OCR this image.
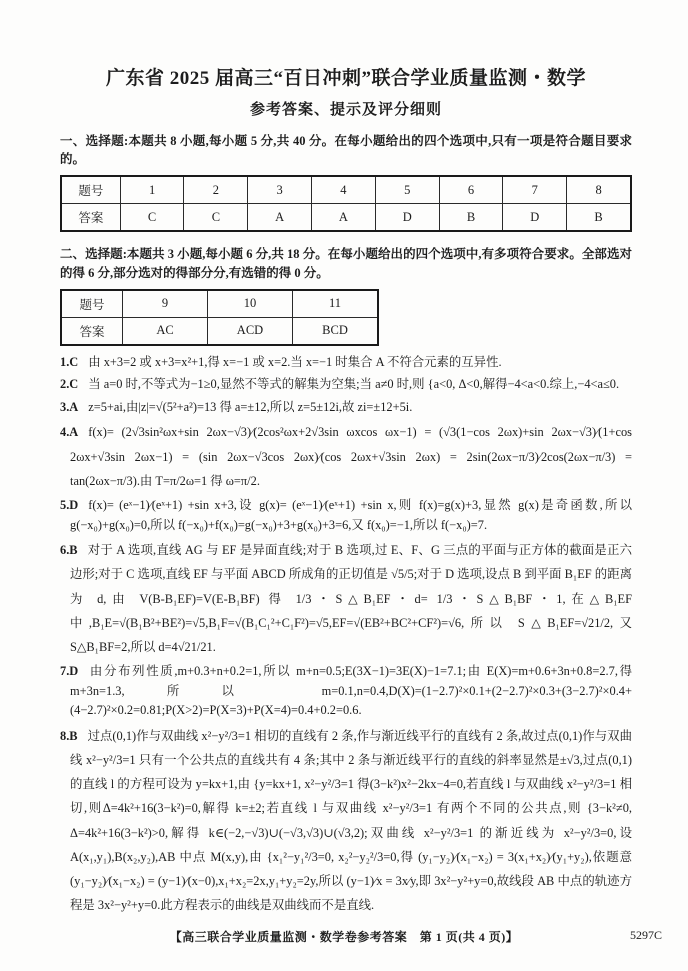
广东省 2025 届高三“百日冲刺”联合学业质量监测・数学
参考答案、提示及评分细则
一、选择题:本题共 8 小题,每小题 5 分,共 40 分。在每小题给出的四个选项中,只有一项是符合题目要求的。
题号	1	2	3	4	5	6	7	8
答案	C	C	A	A	D	B	D	B
二、选择题:本题共 3 小题,每小题 6 分,共 18 分。在每小题给出的四个选项中,有多项符合要求。全部选对的得 6 分,部分选对的得部分分,有选错的得 0 分。
题号	9	10	11
答案	AC	ACD	BCD
1.C 由 x+3=2 或 x+3=x²+1,得 x=−1 或 x=2.当 x=−1 时集合 A 不符合元素的互异性.
2.C 当 a=0 时,不等式为−1≥0,显然不等式的解集为空集;当 a≠0 时,则 {a<0, Δ<0,解得−4<a<0.综上,−4<a≤0.
3.A z=5+ai,由|z|=√(5²+a²)=13 得 a=±12,所以 z=5±12i,故 zi=±12+5i.
4.A f(x)= (2√3sin²ωx+sin 2ωx−√3)∕(2cos²ωx+2√3sin ωxcos ωx−1) = (√3(1−cos 2ωx)+sin 2ωx−√3)∕(1+cos 2ωx+√3sin 2ωx−1) = (sin 2ωx−√3cos 2ωx)∕(cos 2ωx+√3sin 2ωx) = 2sin(2ωx−π/3)∕2cos(2ωx−π/3) = tan(2ωx−π/3).由 T=π/2ω=1 得 ω=π/2.
5.D f(x)= (eˣ−1)∕(eˣ+1) +sin x+3,设 g(x)= (eˣ−1)∕(eˣ+1) +sin x,则 f(x)=g(x)+3,显然 g(x)是奇函数,所以 g(−x₀)+g(x₀)=0,所以 f(−x₀)+f(x₀)=g(−x₀)+3+g(x₀)+3=6,又 f(x₀)=−1,所以 f(−x₀)=7.
6.B 对于 A 选项,直线 AG 与 EF 是异面直线;对于 B 选项,过 E、F、G 三点的平面与正方体的截面是正六边形;对于 C 选项,直线 EF 与平面 ABCD 所成角的正切值是 √5/5;对于 D 选项,设点 B 到平面 B₁EF 的距离为 d,由 V(B-B₁EF)=V(E-B₁BF) 得 1/3・S△B₁EF・d= 1/3・S△B₁BF・1,在△B₁EF 中,B₁E=√(B₁B²+BE²)=√5,B₁F=√(B₁C₁²+C₁F²)=√5,EF=√(EB²+BC²+CF²)=√6,所以 S△B₁EF=√21/2,又 S△B₁BF=2,所以 d=4√21/21.
7.D 由分布列性质,m+0.3+n+0.2=1,所以 m+n=0.5;E(3X−1)=3E(X)−1=7.1;由 E(X)=m+0.6+3n+0.8=2.7,得 m+3n=1.3,所以 m=0.1,n=0.4,D(X)=(1−2.7)²×0.1+(2−2.7)²×0.3+(3−2.7)²×0.4+(4−2.7)²×0.2=0.81;P(X>2)=P(X=3)+P(X=4)=0.4+0.2=0.6.
8.B 过点(0,1)作与双曲线 x²−y²/3=1 相切的直线有 2 条,作与渐近线平行的直线有 2 条,故过点(0,1)作与双曲线 x²−y²/3=1 只有一个公共点的直线共有 4 条;其中 2 条与渐近线平行的直线的斜率显然是±√3,过点(0,1)的直线 l 的方程可设为 y=kx+1,由 {y=kx+1, x²−y²/3=1 得(3−k²)x²−2kx−4=0,若直线 l 与双曲线 x²−y²/3=1 相切,则Δ=4k²+16(3−k²)=0,解得 k=±2;若直线 l 与双曲线 x²−y²/3=1 有两个不同的公共点,则 {3−k²≠0, Δ=4k²+16(3−k²)>0,解得 k∈(−2,−√3)∪(−√3,√3)∪(√3,2);双曲线 x²−y²/3=1 的渐近线为 x²−y²/3=0,设 A(x₁,y₁),B(x₂,y₂),AB 中点 M(x,y),由 {x₁²−y₁²/3=0, x₂²−y₂²/3=0,得 (y₁−y₂)∕(x₁−x₂) = 3(x₁+x₂)∕(y₁+y₂),依题意 (y₁−y₂)∕(x₁−x₂) = (y−1)∕(x−0),x₁+x₂=2x,y₁+y₂=2y,所以 (y−1)∕x = 3x∕y,即 3x²−y²+y=0,故线段 AB 中点的轨迹方程是 3x²−y²+y=0.此方程表示的曲线是双曲线而不是直线.
【高三联合学业质量监测・数学卷参考答案　第 1 页(共 4 页)】	5297C
